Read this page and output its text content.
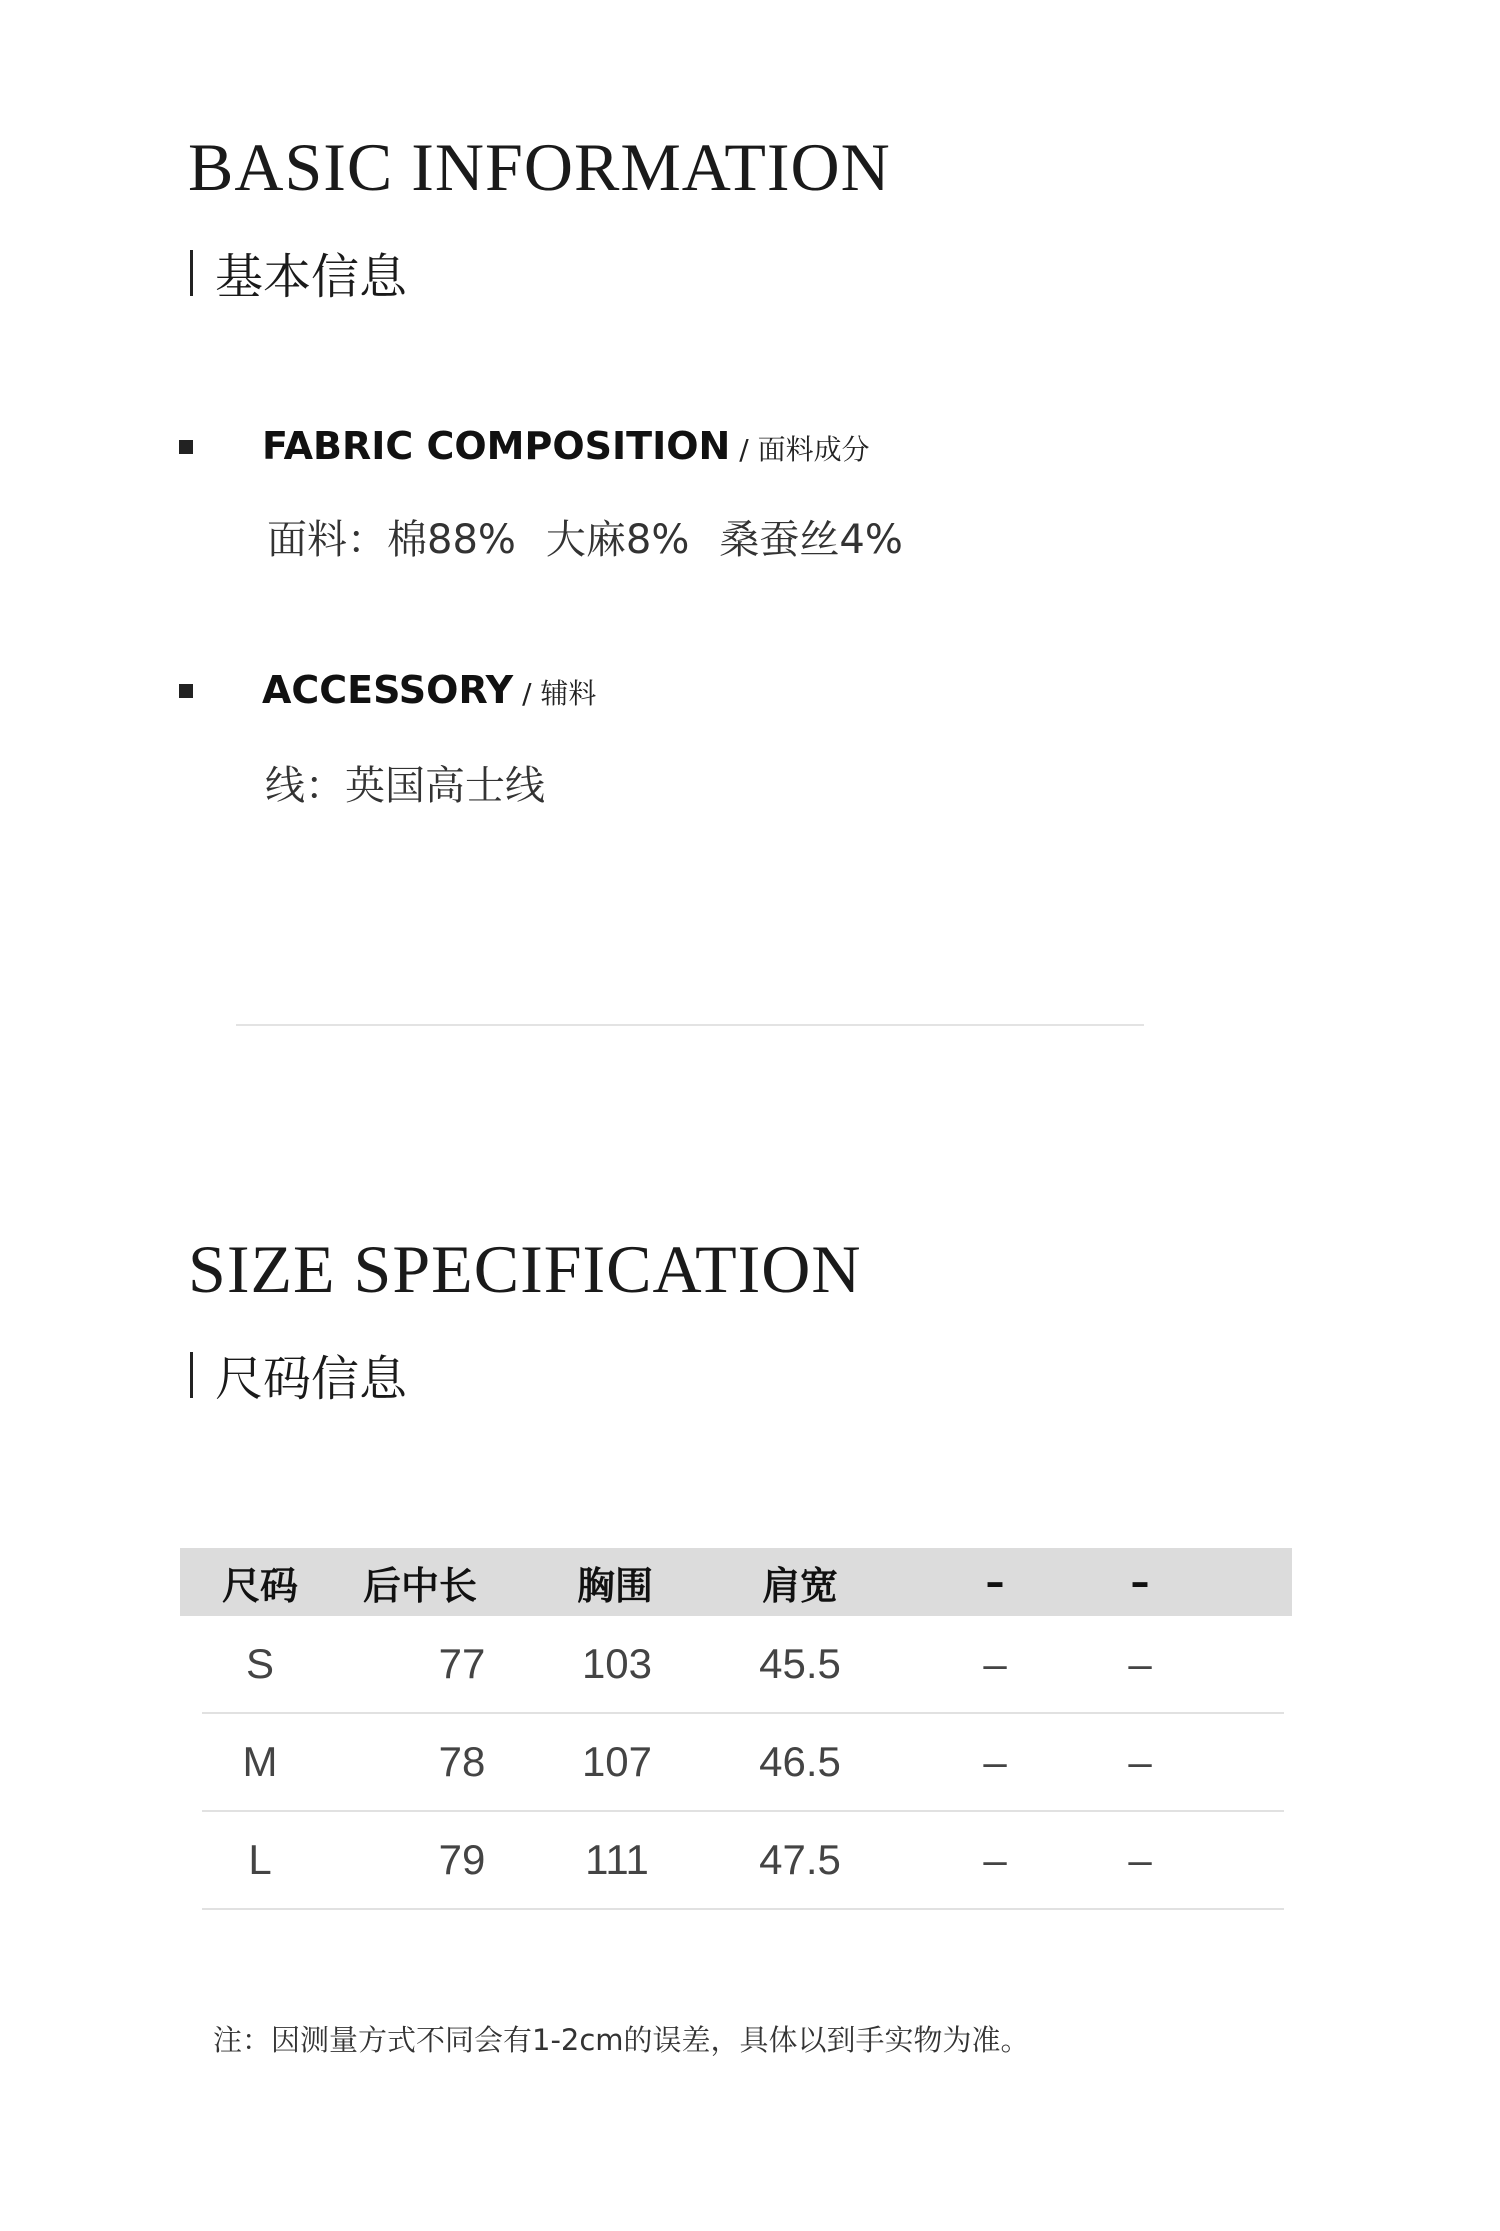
BASIC INFORMATION
基本信息
FABRIC COMPOSITION / 面料成分
面料：棉88% 大麻8% 桑蚕丝4%
ACCESSORY / 辅料
线：英国高士线
SIZE SPECIFICATION
尺码信息
尺码	后中长	胸围	肩宽	–	–
S	77	103	45.5	–	–
M	78	107	46.5	–	–
L	79	111	47.5	–	–
注：因测量方式不同会有1-2cm的误差，具体以到手实物为准。
